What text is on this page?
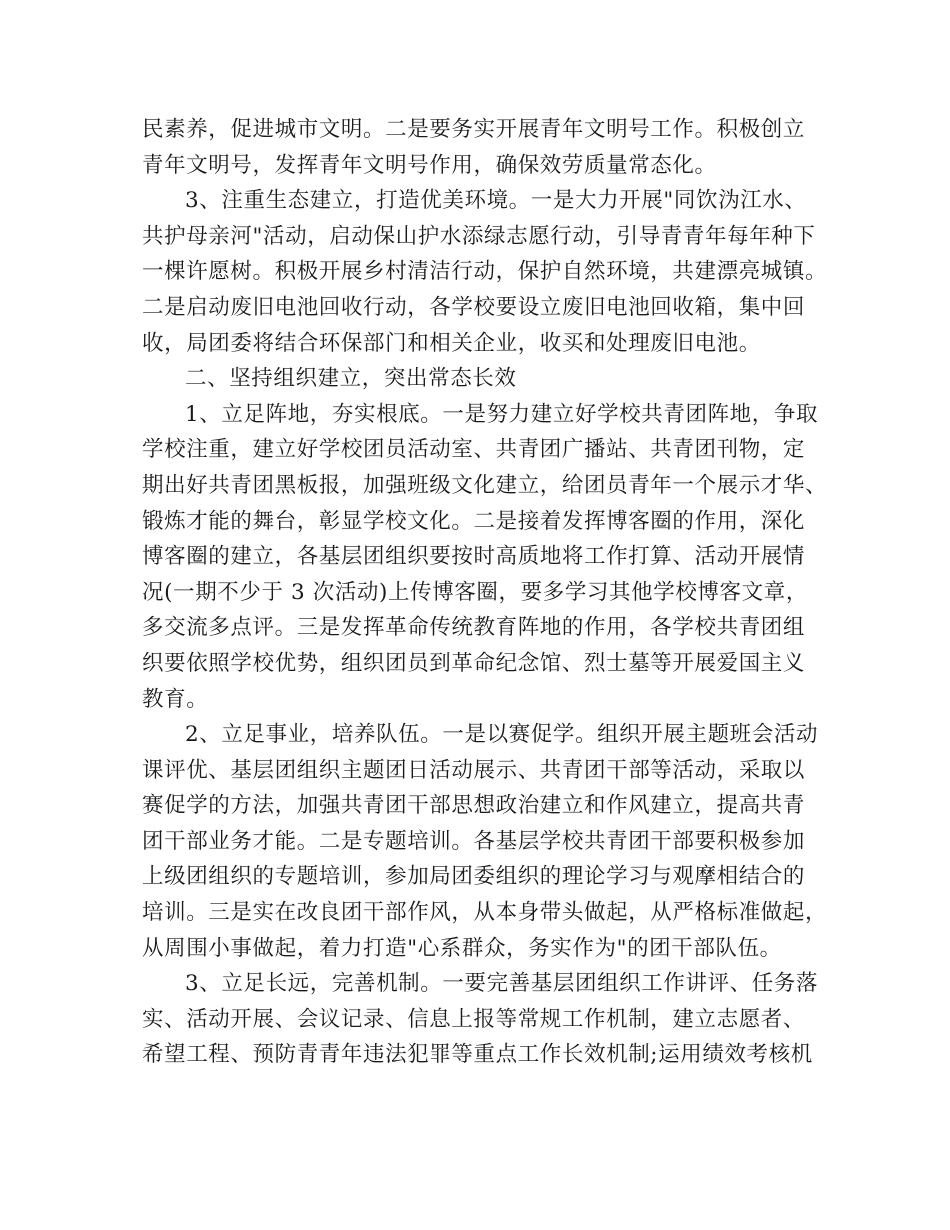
民素养，促进城市文明。二是要务实开展青年文明号工作。积极创立
青年文明号，发挥青年文明号作用，确保效劳质量常态化。
3、注重生态建立，打造优美环境。一是大力开展"同饮沩江水、
共护母亲河"活动，启动保山护水添绿志愿行动，引导青青年每年种下
一棵许愿树。积极开展乡村清洁行动，保护自然环境，共建漂亮城镇。
二是启动废旧电池回收行动，各学校要设立废旧电池回收箱，集中回
收，局团委将结合环保部门和相关企业，收买和处理废旧电池。
二、坚持组织建立，突出常态长效
1、立足阵地，夯实根底。一是努力建立好学校共青团阵地，争取
学校注重，建立好学校团员活动室、共青团广播站、共青团刊物，定
期出好共青团黑板报，加强班级文化建立，给团员青年一个展示才华、
锻炼才能的舞台，彰显学校文化。二是接着发挥博客圈的作用，深化
博客圈的建立，各基层团组织要按时高质地将工作打算、活动开展情
况(一期不少于 3 次活动)上传博客圈，要多学习其他学校博客文章，
多交流多点评。三是发挥革命传统教育阵地的作用，各学校共青团组
织要依照学校优势，组织团员到革命纪念馆、烈士墓等开展爱国主义
教育。
2、立足事业，培养队伍。一是以赛促学。组织开展主题班会活动
课评优、基层团组织主题团日活动展示、共青团干部等活动，采取以
赛促学的方法，加强共青团干部思想政治建立和作风建立，提高共青
团干部业务才能。二是专题培训。各基层学校共青团干部要积极参加
上级团组织的专题培训，参加局团委组织的理论学习与观摩相结合的
培训。三是实在改良团干部作风，从本身带头做起，从严格标准做起，
从周围小事做起，着力打造"心系群众，务实作为"的团干部队伍。
3、立足长远，完善机制。一要完善基层团组织工作讲评、任务落
实、活动开展、会议记录、信息上报等常规工作机制，建立志愿者、
希望工程、预防青青年违法犯罪等重点工作长效机制;运用绩效考核机
